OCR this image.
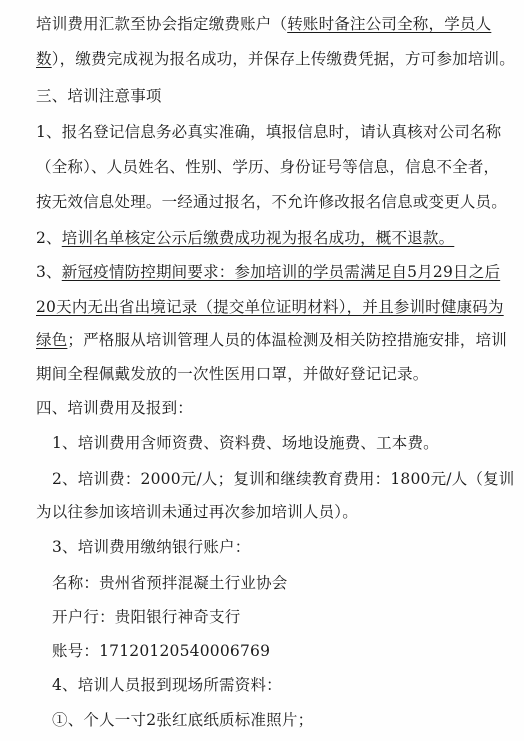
培训费用汇款至协会指定缴费账户（转账时备注公司全称，学员人
数），缴费完成视为报名成功，并保存上传缴费凭据，方可参加培训。
三、培训注意事项
1、报名登记信息务必真实准确，填报信息时，请认真核对公司名称
（全称）、人员姓名、性别、学历、身份证号等信息，信息不全者，
按无效信息处理。一经通过报名，不允许修改报名信息或变更人员。
2、培训名单核定公示后缴费成功视为报名成功，概不退款。
3、新冠疫情防控期间要求：参加培训的学员需满足自5月29日之后
20天内无出省出境记录（提交单位证明材料），并且参训时健康码为
绿色；严格服从培训管理人员的体温检测及相关防控措施安排，培训
期间全程佩戴发放的一次性医用口罩，并做好登记记录。
四、培训费用及报到：
1、培训费用含师资费、资料费、场地设施费、工本费。
2、培训费：2000元/人；复训和继续教育费用：1800元/人（复训
为以往参加该培训未通过再次参加培训人员）。
3、培训费用缴纳银行账户：
名称：贵州省预拌混凝土行业协会
开户行：贵阳银行神奇支行
账号：17120120540006769
4、培训人员报到现场所需资料：
①、个人一寸2张红底纸质标准照片；
